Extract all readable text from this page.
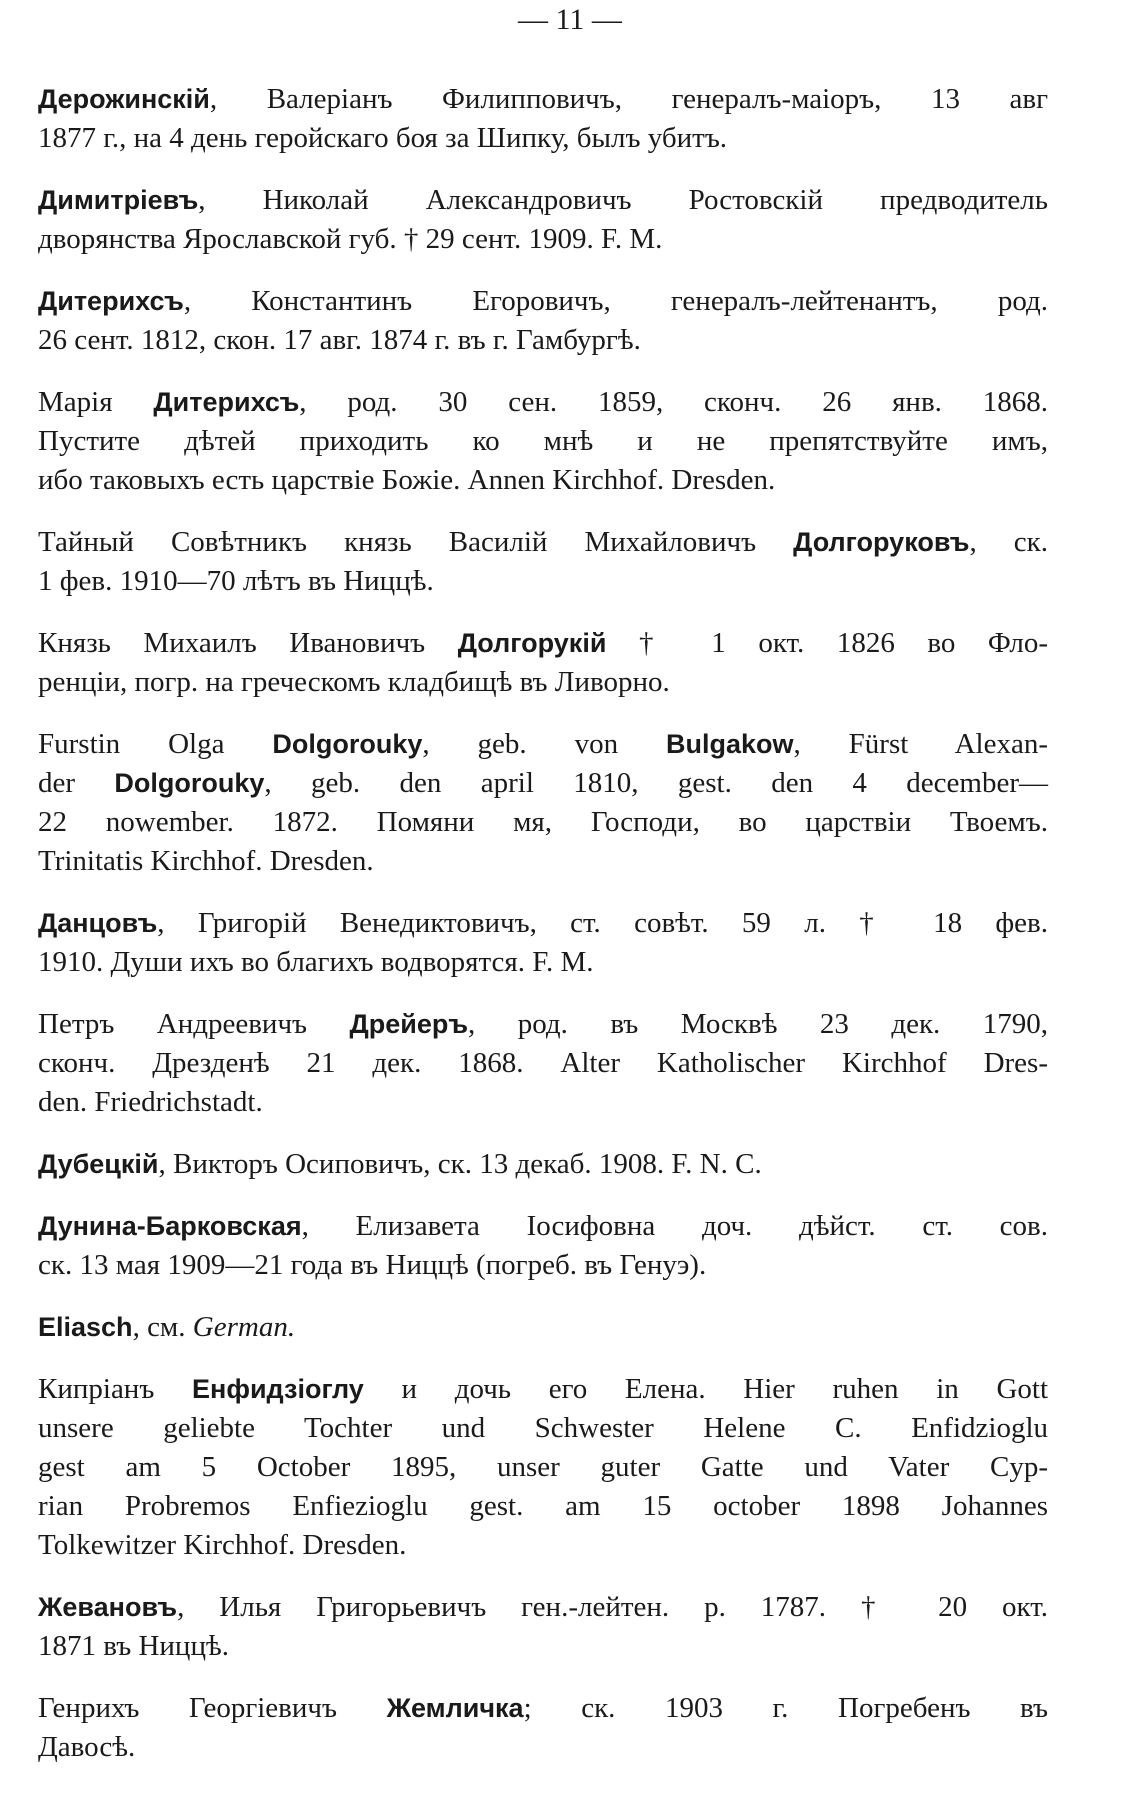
— 11 —
Дерожинскій, Валеріанъ Филипповичъ, генералъ-маіоръ, 13 авг
1877 г., на 4 день геройскаго боя за Шипку, былъ убитъ.
Димитріевъ, Николай Александровичъ Ростовскій предводитель
дворянства Ярославской губ. † 29 сент. 1909. F. M.
Дитерихсъ, Константинъ Егоровичъ, генералъ-лейтенантъ, род.
26 сент. 1812, скон. 17 авг. 1874 г. въ г. Гамбургѣ.
Марія Дитерихсъ, род. 30 сен. 1859, сконч. 26 янв. 1868.
Пустите дѣтей приходить ко мнѣ и не препятствуйте имъ,
ибо таковыхъ есть царствіе Божіе. Annen Kirchhof. Dresden.
Тайный Совѣтникъ князь Василій Михайловичъ Долгоруковъ, ск.
1 фев. 1910—70 лѣтъ въ Ниццѣ.
Князь Михаилъ Ивановичъ Долгорукій † 1 окт. 1826 во Фло-
ренціи, погр. на греческомъ кладбищѣ въ Ливорно.
Furstin Olga Dolgorouky, geb. von Bulgakow, Fürst Alexan-
der Dolgorouky, geb. den april 1810, gest. den 4 december—
22 nowember. 1872. Помяни мя, Господи, во царствіи Твоемъ.
Trinitatis Kirchhof. Dresden.
Данцовъ, Григорій Венедиктовичъ, ст. совѣт. 59 л. † 18 фев.
1910. Души ихъ во благихъ водворятся. F. M.
Петръ Андреевичъ Дрейеръ, род. въ Москвѣ 23 дек. 1790,
сконч. Дрезденѣ 21 дек. 1868. Alter Katholischer Kirchhof Dres-
den. Friedrichstadt.
Дубецкій, Викторъ Осиповичъ, ск. 13 декаб. 1908. F. N. C.
Дунина-Барковская, Елизавета Іосифовна доч. дѣйст. ст. сов.
ск. 13 мая 1909—21 года въ Ниццѣ (погреб. въ Генуэ).
Eliasch, см. German.
Кипріанъ Енфидзіоглу и дочь его Елена. Hier ruhen in Gott
unsere geliebte Tochter und Schwester Helene C. Enfidzioglu
gest am 5 October 1895, unser guter Gatte und Vater Cyp-
rian Probremos Enfiezioglu gest. am 15 october 1898 Johannes
Tolkewitzer Kirchhof. Dresden.
Жевановъ, Илья Григорьевичъ ген.-лейтен. р. 1787. † 20 окт.
1871 въ Ниццѣ.
Генрихъ Георгіевичъ Жемличка; ск. 1903 г. Погребенъ въ
Давосѣ.
